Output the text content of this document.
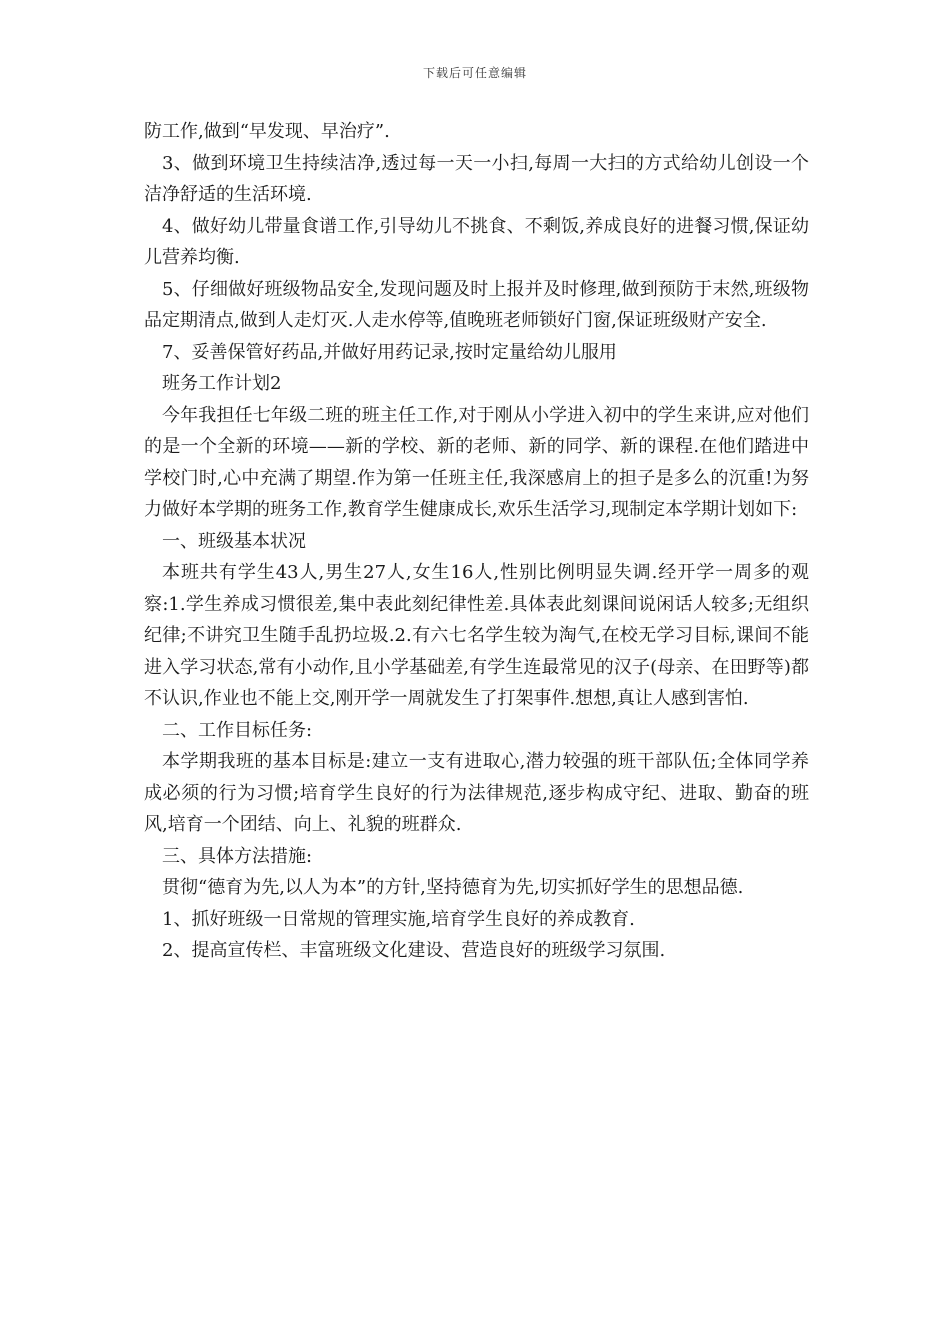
下载后可任意编辑

防工作,做到“早发现、早治疗”.

3、做到环境卫生持续洁净,透过每一天一小扫,每周一大扫的方式给幼儿创设一个洁净舒适的生活环境.

4、做好幼儿带量食谱工作,引导幼儿不挑食、不剩饭,养成良好的进餐习惯,保证幼儿营养均衡.

5、仔细做好班级物品安全,发现问题及时上报并及时修理,做到预防于末然,班级物品定期清点,做到人走灯灭.人走水停等,值晚班老师锁好门窗,保证班级财产安全.

7、妥善保管好药品,并做好用药记录,按时定量给幼儿服用

班务工作计划2

今年我担任七年级二班的班主任工作,对于刚从小学进入初中的学生来讲,应对他们的是一个全新的环境——新的学校、新的老师、新的同学、新的课程.在他们踏进中学校门时,心中充满了期望.作为第一任班主任,我深感肩上的担子是多么的沉重!为努力做好本学期的班务工作,教育学生健康成长,欢乐生活学习,现制定本学期计划如下:

一、班级基本状况

本班共有学生43人,男生27人,女生16人,性别比例明显失调.经开学一周多的观察:1.学生养成习惯很差,集中表此刻纪律性差.具体表此刻课间说闲话人较多;无组织纪律;不讲究卫生随手乱扔垃圾.2.有六七名学生较为淘气,在校无学习目标,课间不能进入学习状态,常有小动作,且小学基础差,有学生连最常见的汉子(母亲、在田野等)都不认识,作业也不能上交,刚开学一周就发生了打架事件.想想,真让人感到害怕.

二、工作目标任务:

本学期我班的基本目标是:建立一支有进取心,潜力较强的班干部队伍;全体同学养成必须的行为习惯;培育学生良好的行为法律规范,逐步构成守纪、进取、勤奋的班风,培育一个团结、向上、礼貌的班群众.

三、具体方法措施:

贯彻“德育为先,以人为本”的方针,坚持德育为先,切实抓好学生的思想品德.

1、抓好班级一日常规的管理实施,培育学生良好的养成教育.

2、提高宣传栏、丰富班级文化建设、营造良好的班级学习氛围.
